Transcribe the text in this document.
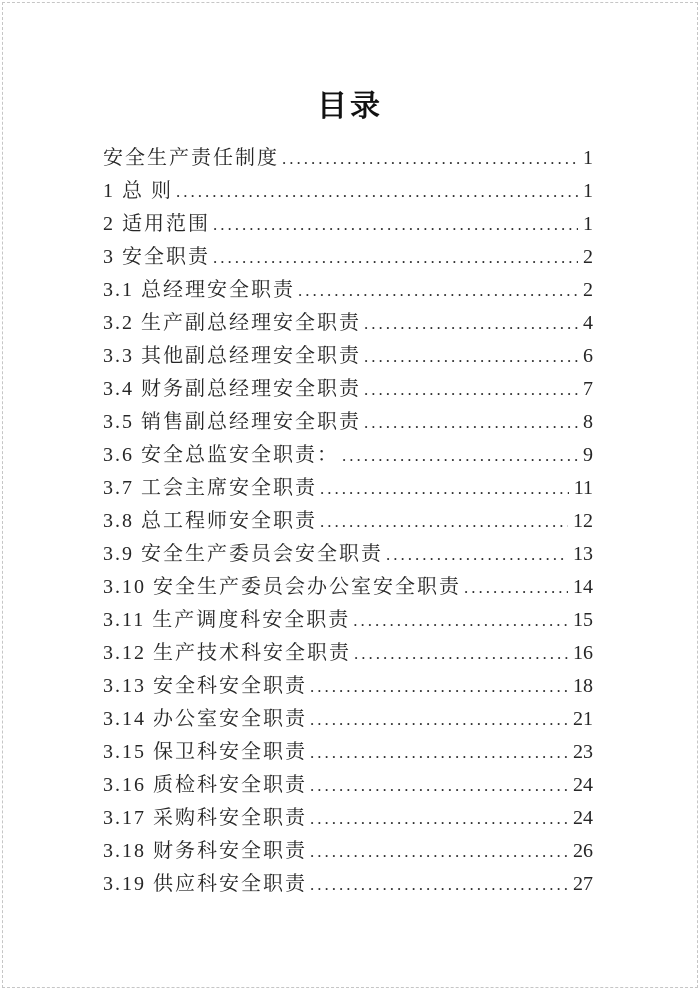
目录
安全生产责任制度 .....	1
1 总 则 .....	1
2 适用范围 .....	1
3 安全职责 .....	2
3.1 总经理安全职责 .....	2
3.2 生产副总经理安全职责 .....	4
3.3 其他副总经理安全职责 .....	6
3.4 财务副总经理安全职责 .....	7
3.5 销售副总经理安全职责 .....	8
3.6 安全总监安全职责： .....	9
3.7 工会主席安全职责 .....	11
3.8 总工程师安全职责 .....	12
3.9 安全生产委员会安全职责 .....	13
3.10 安全生产委员会办公室安全职责 .....	14
3.11 生产调度科安全职责 .....	15
3.12 生产技术科安全职责 .....	16
3.13 安全科安全职责 .....	18
3.14 办公室安全职责 .....	21
3.15 保卫科安全职责 .....	23
3.16 质检科安全职责 .....	24
3.17 采购科安全职责 .....	24
3.18 财务科安全职责 .....	26
3.19 供应科安全职责 .....	27
